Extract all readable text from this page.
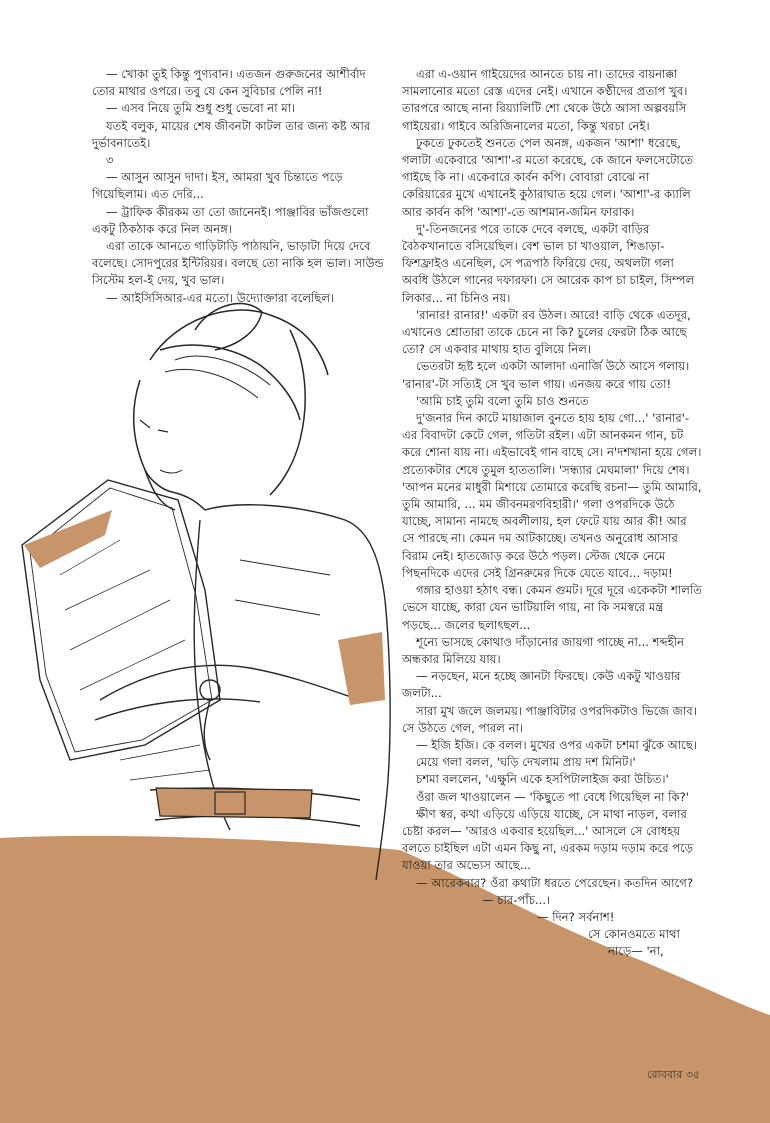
— খোকা তুই কিন্তু পুণ্যবান। এতজন গুরুজনের আশীর্বাদ তোর মাথার ওপরে। তবু যে কেন সুবিচার পেলি না!

— এসব নিয়ে তুমি শুধু শুধু ভেবো না মা।

যতই বলুক, মায়ের শেষ জীবনটা কাটল তার জন্য কষ্ট আর দুর্ভাবনাতেই।

৩

— আসুন আসুন দাদা। ইস, আমরা খুব চিন্তাতে পড়ে গিয়েছিলাম। এত দেরি...

— ট্রাফিক কীরকম তা তো জানেনই। পাঞ্জাবির ভাঁজগুলো একটু ঠিকঠাক করে নিল অনঙ্গ।

এরা তাকে আনতে গাড়িটাড়ি পাঠায়নি, ভাড়াটা দিয়ে দেবে বলেছে। সোদপুরের ইন্টিরিয়র। বলছে তো নাকি হল ভাল। সাউন্ড সিস্টেম হল-ই দেয়, খুব ভাল।

— আইসিসিআর-এর মতো। উদ্যোক্তারা বলেছিল।

এরা এ-ওয়ান গাইয়েদের আনতে চায় না। তাদের বায়নাক্কা সামলানোর মতো রেস্ত এদের নেই। এখানে কণ্ঠীদের প্রতাপ খুব। তারপরে আছে নানা রিয়্যালিটি শো থেকে উঠে আসা অল্পবয়সি গাইয়েরা। গাইবে অরিজিনালের মতো, কিন্তু খরচা নেই।

ঢুকতে ঢুকতেই শুনতে পেল অনঙ্গ, একজন 'আশা' ধরেছে, গলাটা একেবারে 'আশা'-র মতো করেছে, কে জানে ফলসেটোতে গাইছে কি না। একেবারে কার্বন কপি। বোবারা বোঝে না কেরিয়ারের মুখে এখানেই কুঠারাঘাত হয়ে গেল। 'আশা'-র ক্যালি আর কার্বন কপি 'আশা'-তে আশমান-জমিন ফারাক।

দু'-তিনজনের পরে তাকে দেবে বলছে, একটা বাড়ির বৈঠকখানাতে বসিয়েছিল। বেশ ভাল চা খাওয়াল, শিঙাড়া-ফিশফ্রাইও এনেছিল, সে পত্রপাঠ ফিরিয়ে দেয়, অথলটা গলা অবধি উঠলে গানের দফারফা। সে আরেক কাপ চা চাইল, সিম্পল লিকার... না চিনিও নয়।

'রানার! রানার!' একটা রব উঠল। আরে! বাড়ি থেকে এতদূর, এখানেও শ্রোতারা তাকে চেনে না কি? চুলের ফেরটা ঠিক আছে তো? সে একবার মাথায় হাত বুলিয়ে নিল।

ভেতরটা হৃষ্ট হলে একটা আলাদা এনার্জি উঠে আসে গলায়। 'রানার'-টা সত্যিই সে খুব ভাল গায়। এনজয় করে গায় তো!

'আমি চাই তুমি বলো তুমি চাও শুনতে

দু'জনার দিন কাটে মায়াজাল বুনতে হায় হায় গো...' 'রানার'-এর বিবাদটা কেটে গেল, গতিটা রইল। এটা আনকমন গান, চট করে শোনা যায় না। এইভাবেই গান বাছে সে। ন'দশখানা হয়ে গেল। প্রত্যেকটার শেষে তুমুল হাততালি। 'সন্ধ্যার মেঘমালা' দিয়ে শেষ। 'আপন মনের মাধুরী মিশায়ে তোমারে করেছি রচনা— তুমি আমারি, তুমি আমারি, ... মম জীবনমরণবিহারী।' গলা ওপরদিকে উঠে যাচ্ছে, সামান্য নামছে অবলীলায়, হল ফেটে যায় আর কী! আর সে পারছে না। কেমন দম আটকাচ্ছে। তখনও অনুরোধ আসার বিরাম নেই। হাতজোড় করে উঠে পড়ল। স্টেজ থেকে নেমে পিছনদিকে এদের সেই গ্রিনরুমের দিকে যেতে যাবে... দড়াম!

গঙ্গার হাওয়া হঠাৎ বন্ধ। কেমন গুমট। দূরে দূরে একেকটা শালতি ভেসে যাচ্ছে, কারা যেন ভাটিয়ালি গায়, না কি সমস্বরে মন্ত্র পড়ছে... জলের ছলাৎছল...

শূন্যে ভাসছে কোথাও দাঁড়ানোর জায়গা পাচ্ছে না... শব্দহীন অন্ধকার মিলিয়ে যায়।

— নড়ছেন, মনে হচ্ছে জ্ঞানটা ফিরছে। কেউ একটু খাওয়ার জলটা...

সারা মুখ জলে জলময়। পাঞ্জাবিটার ওপরদিকটাও ভিজে জাব। সে উঠতে গেল, পারল না।

— ইজি ইজি। কে বলল। মুখের ওপর একটা চশমা ঝুঁকে আছে।

মেয়ে গলা বলল, 'ঘড়ি দেখলাম প্রায় দশ মিনিট।'

চশমা বললেন, 'এক্ষুনি একে হসপিটালাইজ করা উচিত।'

ওঁরা জল খাওয়ালেন — 'কিছুতে পা বেধে গিয়েছিল না কি?'

ক্ষীণ স্বর, কথা এড়িয়ে এড়িয়ে যাচ্ছে, সে মাথা নাড়ল, বলার চেষ্টা করল— 'আরও একবার হয়েছিল...' আসলে সে বোধহয় বলতে চাইছিল এটা এমন কিছু না, এরকম দড়াম দড়াম করে পড়ে যাওয়া তার অভ্যেস আছে...

— আরেকবার? ওঁরা কথাটা ধরতে পেরেছেন। কতদিন আগে?

— চার-পাঁচ...।

— দিন? সর্বনাশ!

সে কোনওমতে মাথা

নাড়ে— 'না,

রোববার ৩৫
